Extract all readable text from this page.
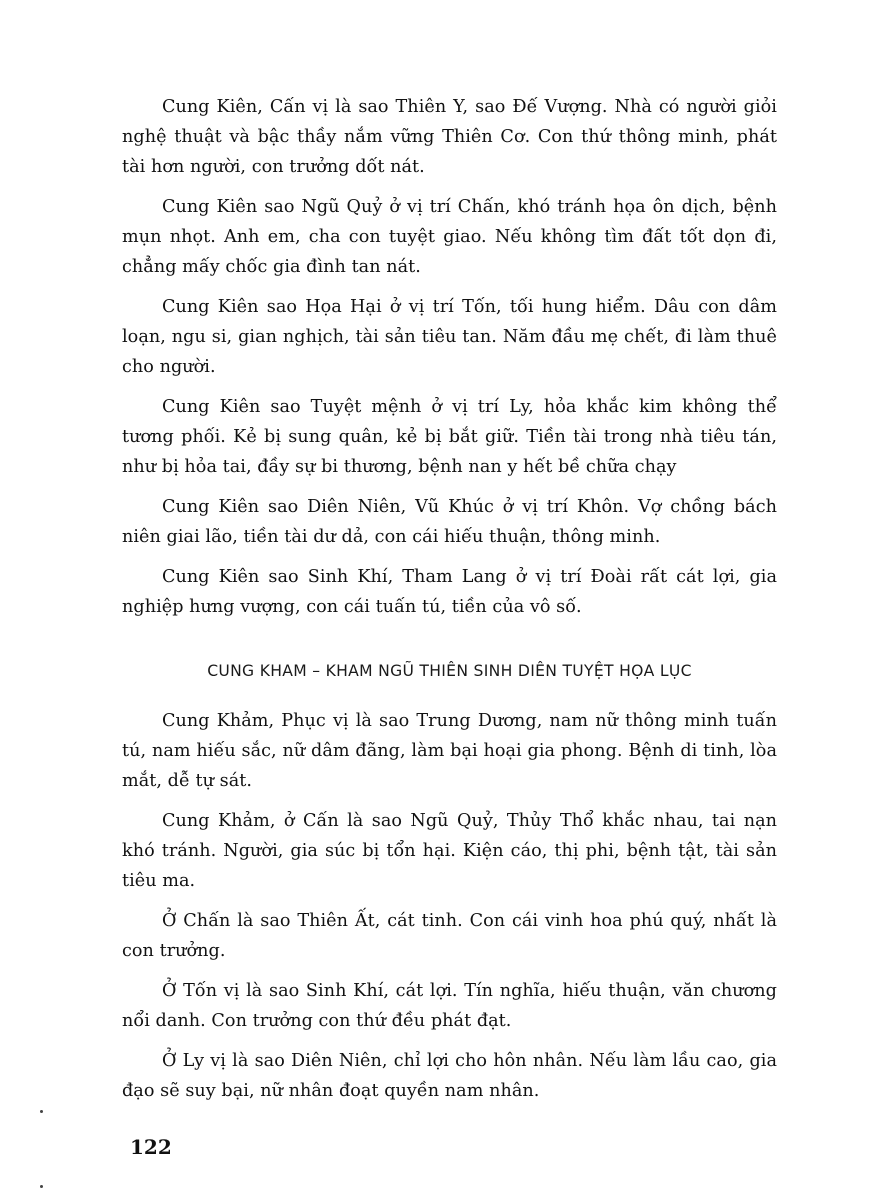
Cung Kiên, Cấn vị là sao Thiên Y, sao Đế Vượng. Nhà có người giỏi nghệ thuật và bậc thầy nắm vững Thiên Cơ. Con thứ thông minh, phát tài hơn người, con trưởng dốt nát.

Cung Kiên sao Ngũ Quỷ ở vị trí Chấn, khó tránh họa ôn dịch, bệnh mụn nhọt. Anh em, cha con tuyệt giao. Nếu không tìm đất tốt dọn đi, chẳng mấy chốc gia đình tan nát.

Cung Kiên sao Họa Hại ở vị trí Tốn, tối hung hiểm. Dâu con dâm loạn, ngu si, gian nghịch, tài sản tiêu tan. Năm đầu mẹ chết, đi làm thuê cho người.

Cung Kiên sao Tuyệt mệnh ở vị trí Ly, hỏa khắc kim không thể tương phối. Kẻ bị sung quân, kẻ bị bắt giữ. Tiền tài trong nhà tiêu tán, như bị hỏa tai, đầy sự bi thương, bệnh nan y hết bề chữa chạy

Cung Kiên sao Diên Niên, Vũ Khúc ở vị trí Khôn. Vợ chồng bách niên giai lão, tiền tài dư dả, con cái hiếu thuận, thông minh.

Cung Kiên sao Sinh Khí, Tham Lang ở vị trí Đoài rất cát lợi, gia nghiệp hưng vượng, con cái tuấn tú, tiền của vô số.

CUNG KHAM – KHAM NGŨ THIÊN SINH DIÊN TUYỆT HỌA LỤC

Cung Khảm, Phục vị là sao Trung Dương, nam nữ thông minh tuấn tú, nam hiếu sắc, nữ dâm đãng, làm bại hoại gia phong. Bệnh di tinh, lòa mắt, dễ tự sát.

Cung Khảm, ở Cấn là sao Ngũ Quỷ, Thủy Thổ khắc nhau, tai nạn khó tránh. Người, gia súc bị tổn hại. Kiện cáo, thị phi, bệnh tật, tài sản tiêu ma.

Ở Chấn là sao Thiên Ất, cát tinh. Con cái vinh hoa phú quý, nhất là con trưởng.

Ở Tốn vị là sao Sinh Khí, cát lợi. Tín nghĩa, hiếu thuận, văn chương nổi danh. Con trưởng con thứ đều phát đạt.

Ở Ly vị là sao Diên Niên, chỉ lợi cho hôn nhân. Nếu làm lầu cao, gia đạo sẽ suy bại, nữ nhân đoạt quyền nam nhân.

122
